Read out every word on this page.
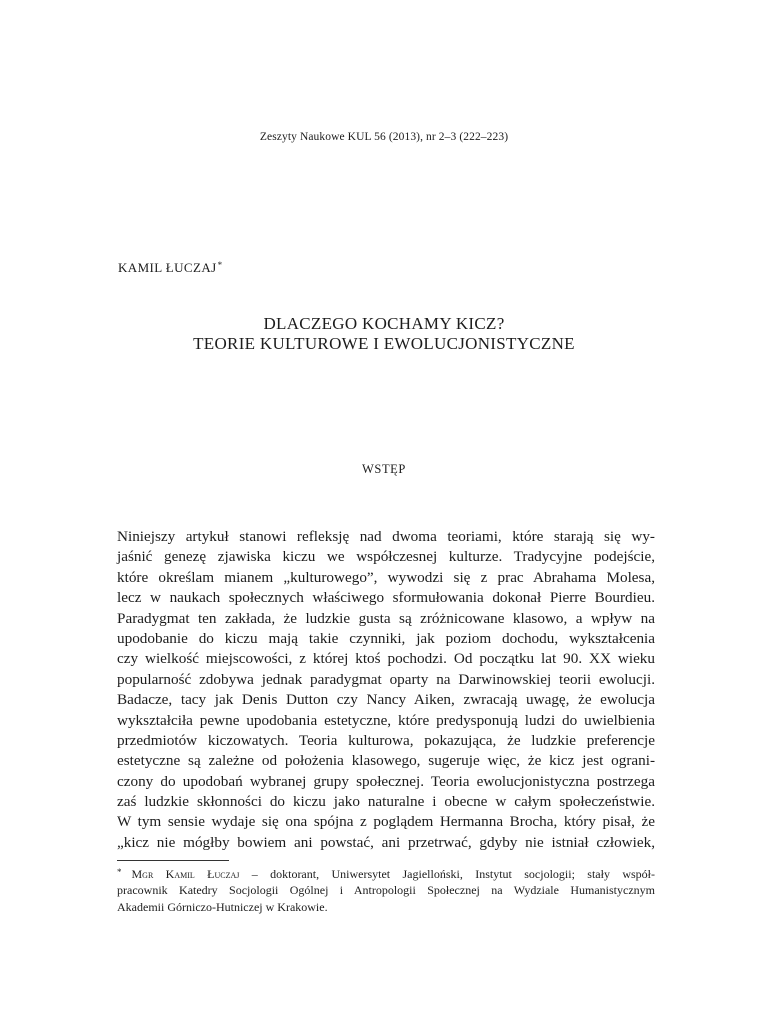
Zeszyty Naukowe KUL 56 (2013), nr 2–3 (222–223)
KAMIL ŁUCZAJ*
DLACZEGO KOCHAMY KICZ?
TEORIE KULTUROWE I EWOLUCJONISTYCZNE
WSTĘP
Niniejszy artykuł stanowi refleksję nad dwoma teoriami, które starają się wy-
jaśnić genezę zjawiska kiczu we współczesnej kulturze. Tradycyjne podejście,
które określam mianem „kulturowego”, wywodzi się z prac Abrahama Molesa,
lecz w naukach społecznych właściwego sformułowania dokonał Pierre Bourdieu.
Paradygmat ten zakłada, że ludzkie gusta są zróżnicowane klasowo, a wpływ na
upodobanie do kiczu mają takie czynniki, jak poziom dochodu, wykształcenia
czy wielkość miejscowości, z której ktoś pochodzi. Od początku lat 90. XX wieku
popularność zdobywa jednak paradygmat oparty na Darwinowskiej teorii ewolucji.
Badacze, tacy jak Denis Dutton czy Nancy Aiken, zwracają uwagę, że ewolucja
wykształciła pewne upodobania estetyczne, które predysponują ludzi do uwielbienia
przedmiotów kiczowatych. Teoria kulturowa, pokazująca, że ludzkie preferencje
estetyczne są zależne od położenia klasowego, sugeruje więc, że kicz jest ograni-
czony do upodobań wybranej grupy społecznej. Teoria ewolucjonistyczna postrzega
zaś ludzkie skłonności do kiczu jako naturalne i obecne w całym społeczeństwie.
W tym sensie wydaje się ona spójna z poglądem Hermanna Brocha, który pisał, że
„kicz nie mógłby bowiem ani powstać, ani przetrwać, gdyby nie istniał człowiek,
* Mgr Kamil Łuczaj – doktorant, Uniwersytet Jagielloński, Instytut socjologii; stały współ-
pracownik Katedry Socjologii Ogólnej i Antropologii Społecznej na Wydziale Humanistycznym
Akademii Górniczo-Hutniczej w Krakowie.
